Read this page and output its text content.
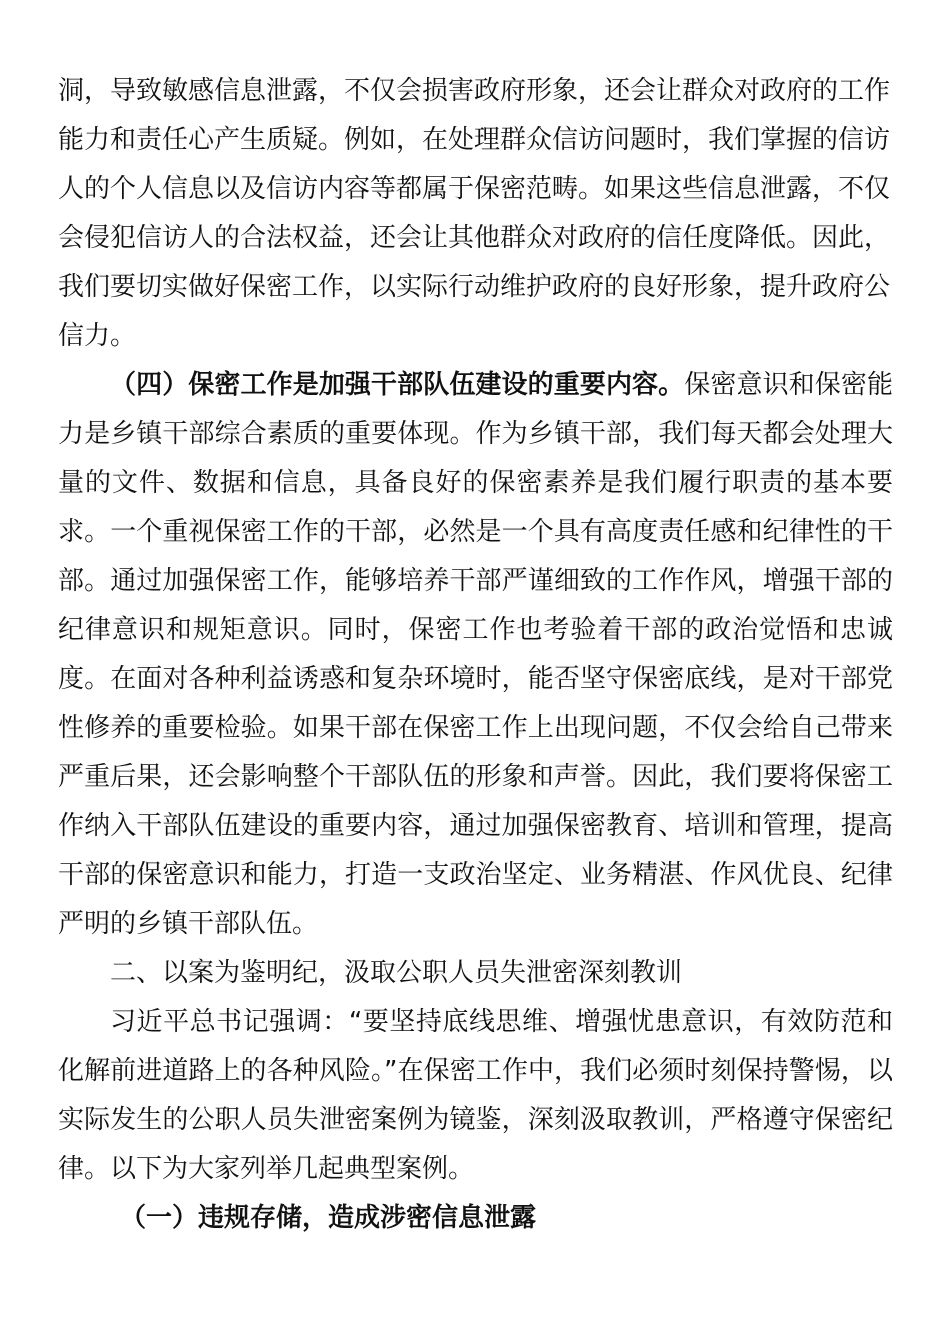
洞，导致敏感信息泄露，不仅会损害政府形象，还会让群众对政府的工作
能力和责任心产生质疑。例如，在处理群众信访问题时，我们掌握的信访
人的个人信息以及信访内容等都属于保密范畴。如果这些信息泄露，不仅
会侵犯信访人的合法权益，还会让其他群众对政府的信任度降低。因此，
我们要切实做好保密工作，以实际行动维护政府的良好形象，提升政府公
信力。

（四）保密工作是加强干部队伍建设的重要内容。保密意识和保密能力是乡镇干部综合素质的重要体现。作为乡镇干部，我们每天都会处理大量的文件、数据和信息，具备良好的保密素养是我们履行职责的基本要求。一个重视保密工作的干部，必然是一个具有高度责任感和纪律性的干部。通过加强保密工作，能够培养干部严谨细致的工作作风，增强干部的纪律意识和规矩意识。同时，保密工作也考验着干部的政治觉悟和忠诚度。在面对各种利益诱惑和复杂环境时，能否坚守保密底线，是对干部党性修养的重要检验。如果干部在保密工作上出现问题，不仅会给自己带来严重后果，还会影响整个干部队伍的形象和声誉。因此，我们要将保密工作纳入干部队伍建设的重要内容，通过加强保密教育、培训和管理，提高干部的保密意识和能力，打造一支政治坚定、业务精湛、作风优良、纪律严明的乡镇干部队伍。

二、以案为鉴明纪，汲取公职人员失泄密深刻教训

习近平总书记强调：“要坚持底线思维、增强忧患意识，有效防范和化解前进道路上的各种风险。”在保密工作中，我们必须时刻保持警惕，以实际发生的公职人员失泄密案例为镜鉴，深刻汲取教训，严格遵守保密纪律。以下为大家列举几起典型案例。

（一）违规存储，造成涉密信息泄露
